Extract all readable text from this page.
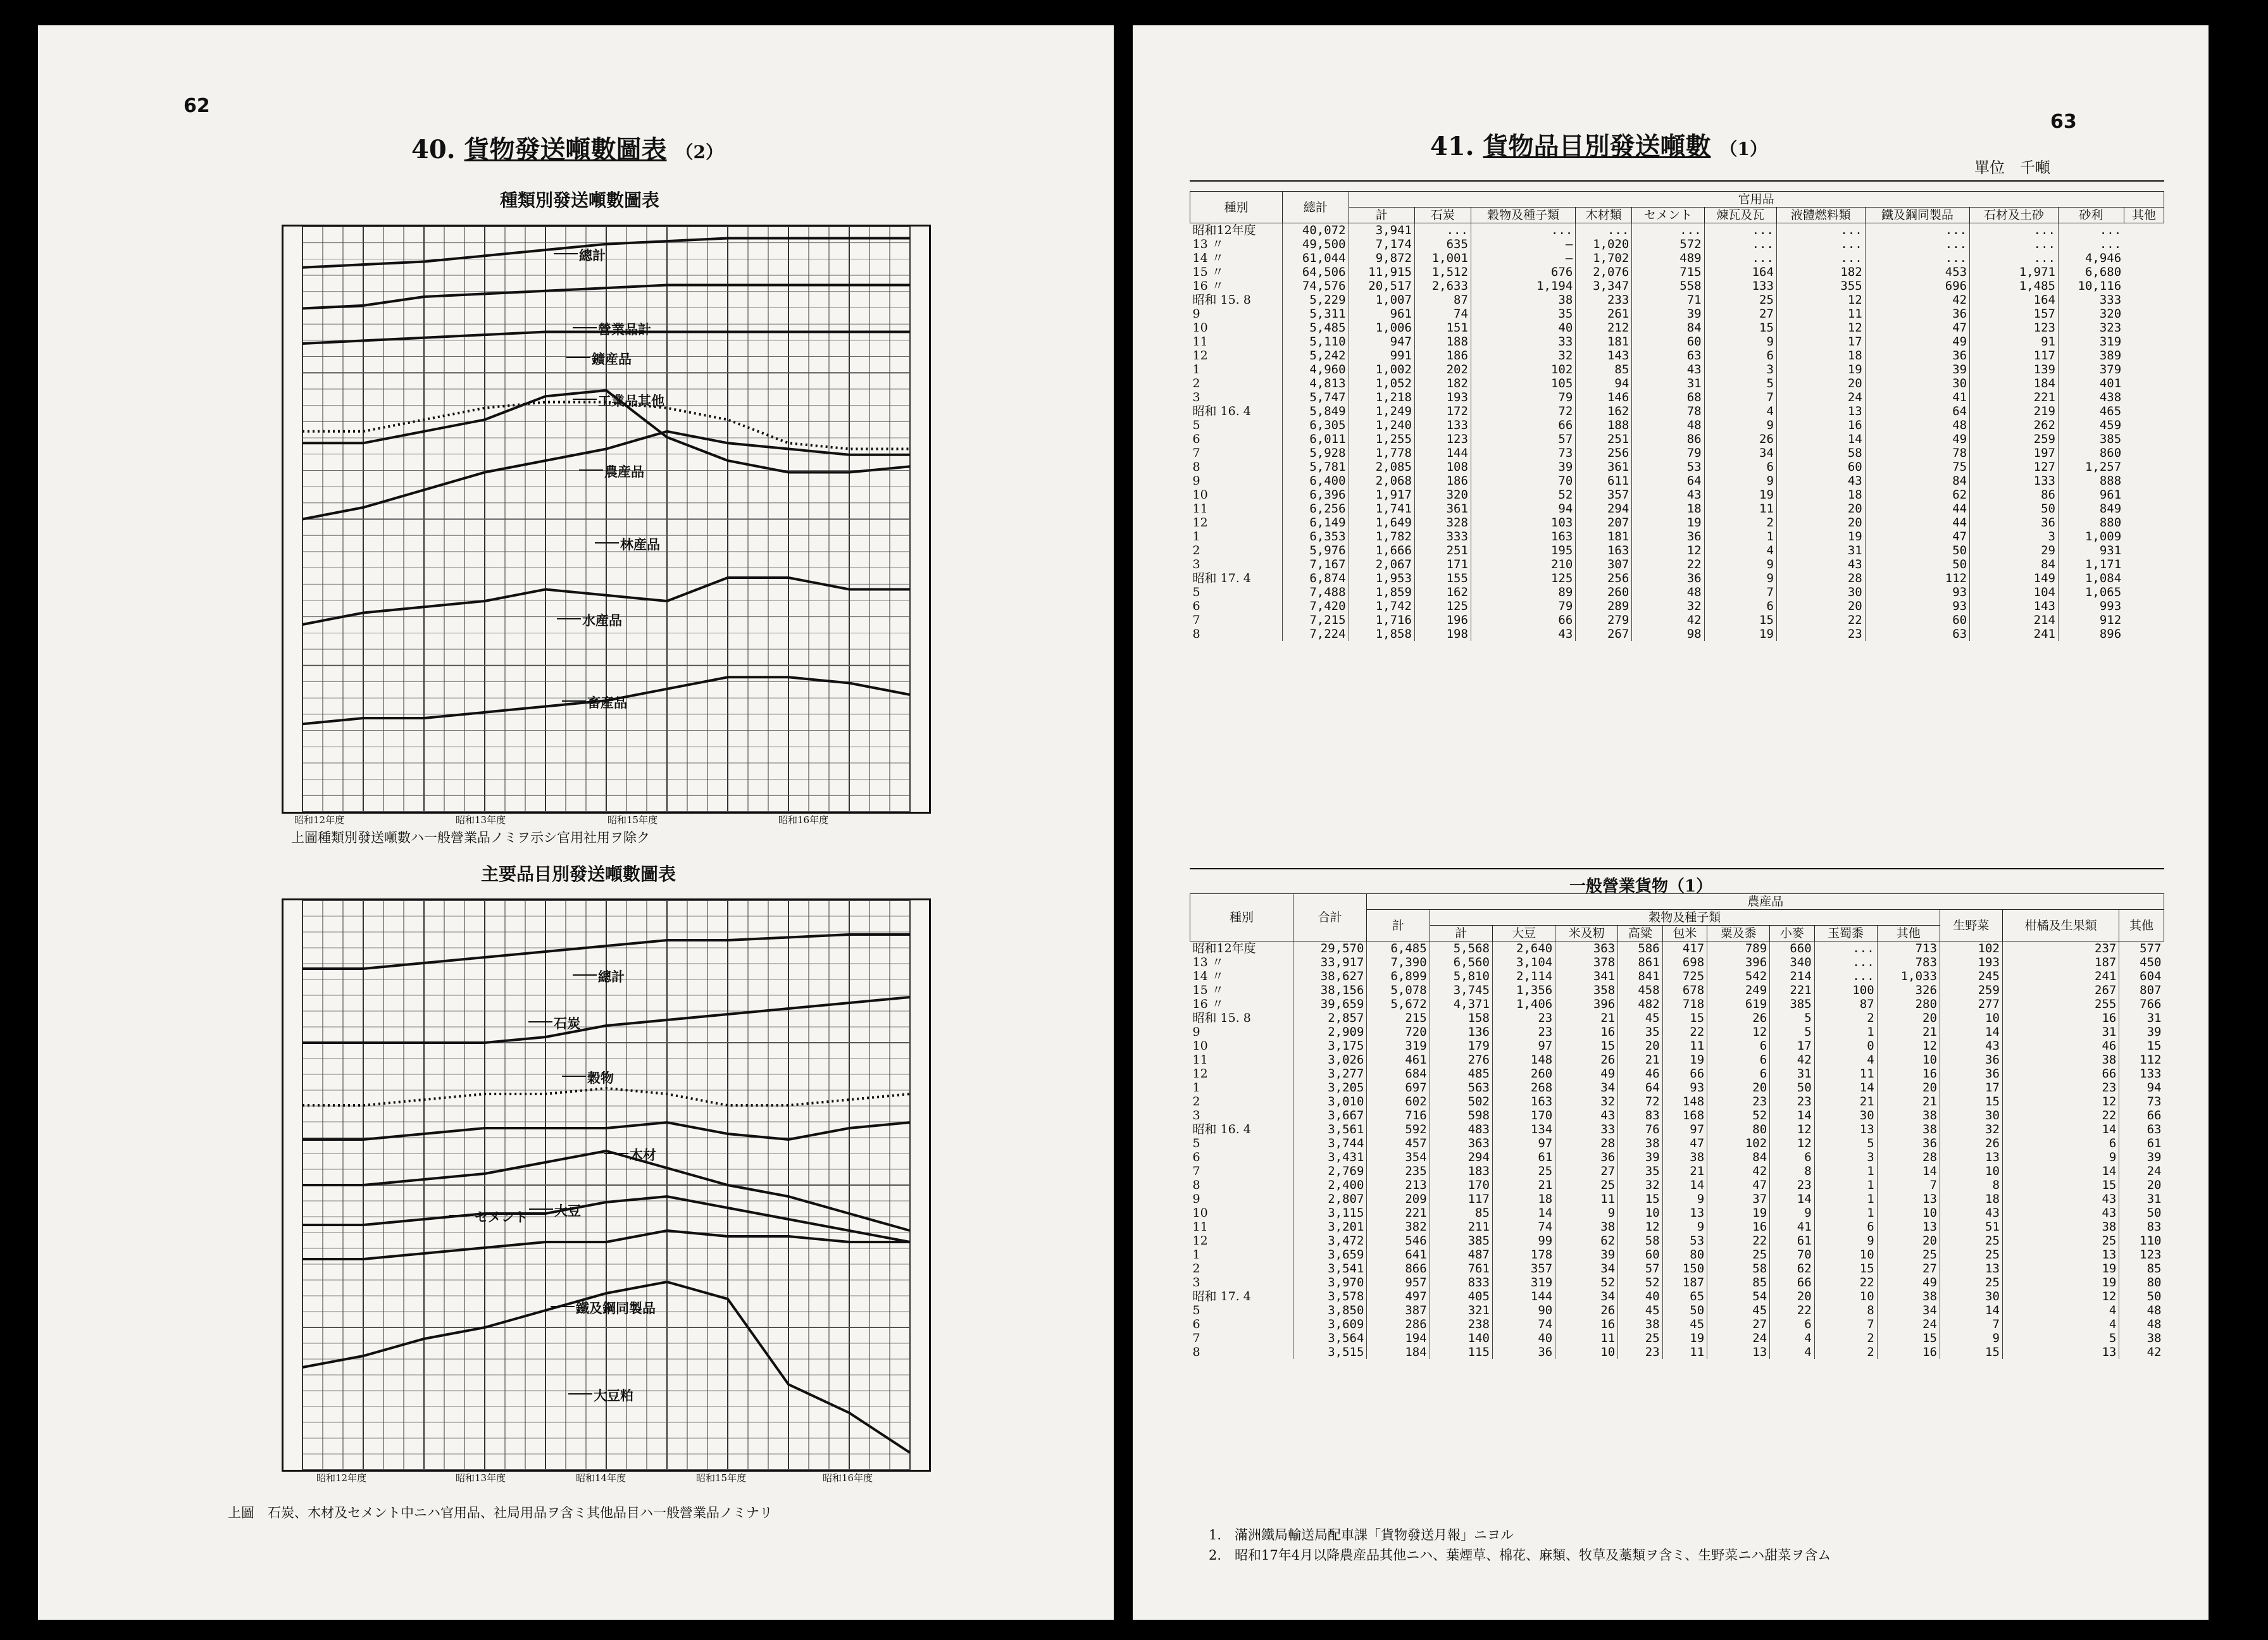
62
40. 貨物發送噸數圖表 （2）
種類別發送噸數圖表
總計
營業品計
鑛産品
工業品其他
農産品
林産品
水産品
畜産品
昭和12年度	昭和13年度	昭和15年度	昭和16年度
上圖種類別發送噸數ハ一般營業品ノミヲ示シ官用社用ヲ除ク
主要品目別發送噸數圖表
總計
石炭
穀物
木材
大豆
セメント
鐵及鋼同製品
大豆粕
昭和12年度	昭和13年度	昭和14年度	昭和15年度	昭和16年度
上圖　石炭、木材及セメント中ニハ官用品、社局用品ヲ含ミ其他品目ハ一般營業品ノミナリ
63
41. 貨物品目別發送噸數 （1）
單位　千噸
種別	總計	官用品										
		計	石炭	穀物及種子類	木材類	セメント	煉瓦及瓦	液體燃料類	鐵及鋼同製品	石材及土砂	砂利	其他
昭和12年度	40,072	3,941	...	...	...	...	...	...	...	...	...	
13 〃	49,500	7,174	635	—	1,020	572	...	...	...	...	...	
14 〃	61,044	9,872	1,001	—	1,702	489	...	...	...	...	4,946	
15 〃	64,506	11,915	1,512	676	2,076	715	164	182	453	1,971	6,680	
16 〃	74,576	20,517	2,633	1,194	3,347	558	133	355	696	1,485	10,116	
昭和 15. 8	5,229	1,007	87	38	233	71	25	12	42	164	333	
9	5,311	961	74	35	261	39	27	11	36	157	320	
10	5,485	1,006	151	40	212	84	15	12	47	123	323	
11	5,110	947	188	33	181	60	9	17	49	91	319	
12	5,242	991	186	32	143	63	6	18	36	117	389	
1	4,960	1,002	202	102	85	43	3	19	39	139	379	
2	4,813	1,052	182	105	94	31	5	20	30	184	401	
3	5,747	1,218	193	79	146	68	7	24	41	221	438	
昭和 16. 4	5,849	1,249	172	72	162	78	4	13	64	219	465	
5	6,305	1,240	133	66	188	48	9	16	48	262	459	
6	6,011	1,255	123	57	251	86	26	14	49	259	385	
7	5,928	1,778	144	73	256	79	34	58	78	197	860	
8	5,781	2,085	108	39	361	53	6	60	75	127	1,257	
9	6,400	2,068	186	70	611	64	9	43	84	133	888	
10	6,396	1,917	320	52	357	43	19	18	62	86	961	
11	6,256	1,741	361	94	294	18	11	20	44	50	849	
12	6,149	1,649	328	103	207	19	2	20	44	36	880	
1	6,353	1,782	333	163	181	36	1	19	47	3	1,009	
2	5,976	1,666	251	195	163	12	4	31	50	29	931	
3	7,167	2,067	171	210	307	22	9	43	50	84	1,171	
昭和 17. 4	6,874	1,953	155	125	256	36	9	28	112	149	1,084	
5	7,488	1,859	162	89	260	48	7	30	93	104	1,065	
6	7,420	1,742	125	79	289	32	6	20	93	143	993	
7	7,215	1,716	196	66	279	42	15	22	60	214	912	
8	7,224	1,858	198	43	267	98	19	23	63	241	896	
一般營業貨物（1）
種別	合計	農産品												
		計	穀物及種子類									生野菜	柑橘及生果類	其他
			計	大豆	米及籾	高粱	包米	粟及黍	小麥	玉蜀黍	其他			
昭和12年度	29,570	6,485	5,568	2,640	363	586	417	789	660	...	713	102	237	577
13 〃	33,917	7,390	6,560	3,104	378	861	698	396	340	...	783	193	187	450
14 〃	38,627	6,899	5,810	2,114	341	841	725	542	214	...	1,033	245	241	604
15 〃	38,156	5,078	3,745	1,356	358	458	678	249	221	100	326	259	267	807
16 〃	39,659	5,672	4,371	1,406	396	482	718	619	385	87	280	277	255	766
昭和 15. 8	2,857	215	158	23	21	45	15	26	5	2	20	10	16	31
9	2,909	720	136	23	16	35	22	12	5	1	21	14	31	39
10	3,175	319	179	97	15	20	11	6	17	0	12	43	46	15
11	3,026	461	276	148	26	21	19	6	42	4	10	36	38	112
12	3,277	684	485	260	49	46	66	6	31	11	16	36	66	133
1	3,205	697	563	268	34	64	93	20	50	14	20	17	23	94
2	3,010	602	502	163	32	72	148	23	23	21	21	15	12	73
3	3,667	716	598	170	43	83	168	52	14	30	38	30	22	66
昭和 16. 4	3,561	592	483	134	33	76	97	80	12	13	38	32	14	63
5	3,744	457	363	97	28	38	47	102	12	5	36	26	6	61
6	3,431	354	294	61	36	39	38	84	6	3	28	13	9	39
7	2,769	235	183	25	27	35	21	42	8	1	14	10	14	24
8	2,400	213	170	21	25	32	14	47	23	1	7	8	15	20
9	2,807	209	117	18	11	15	9	37	14	1	13	18	43	31
10	3,115	221	85	14	9	10	13	19	9	1	10	43	43	50
11	3,201	382	211	74	38	12	9	16	41	6	13	51	38	83
12	3,472	546	385	99	62	58	53	22	61	9	20	25	25	110
1	3,659	641	487	178	39	60	80	25	70	10	25	25	13	123
2	3,541	866	761	357	34	57	150	58	62	15	27	13	19	85
3	3,970	957	833	319	52	52	187	85	66	22	49	25	19	80
昭和 17. 4	3,578	497	405	144	34	40	65	54	20	10	38	30	12	50
5	3,850	387	321	90	26	45	50	45	22	8	34	14	4	48
6	3,609	286	238	74	16	38	45	27	6	7	24	7	4	48
7	3,564	194	140	40	11	25	19	24	4	2	15	9	5	38
8	3,515	184	115	36	10	23	11	13	4	2	16	15	13	42
1.　滿洲鐵局輸送局配車課「貨物發送月報」ニヨル
2.　昭和17年4月以降農産品其他ニハ、葉煙草、棉花、麻類、牧草及藁類ヲ含ミ、生野菜ニハ甜菜ヲ含ム
